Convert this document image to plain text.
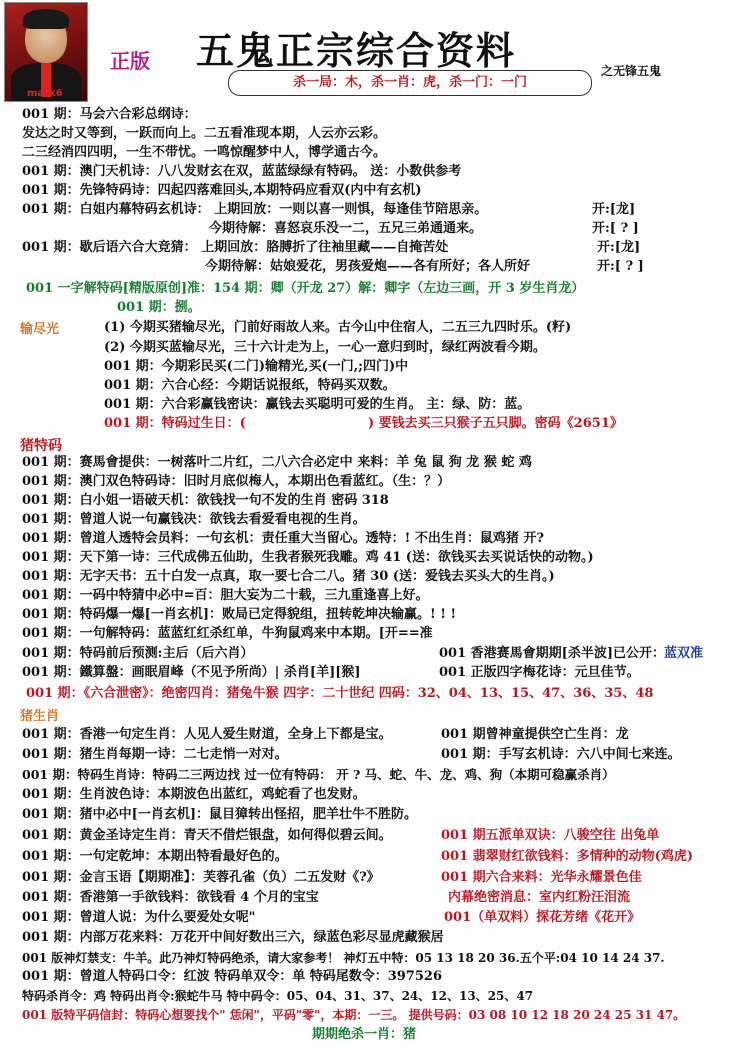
mark6
正版 五鬼正宗综合资料
杀一局：木，杀一肖：虎，杀一门：一门
之无锋五鬼
001 期：马会六合彩总纲诗：
发达之时又等到，一跃而向上。二五看准现本期，人云亦云彩。
二三经消四四明，一生不带忧。一鸣惊醒梦中人，博学通古今。
001 期：澳门天机诗：八八发财玄在双，蓝蓝绿绿有特码。 送：小数供参考
001 期：先锋特码诗：四起四落难回头,本期特码应看双(内中有玄机)
001 期：白姐内幕特码玄机诗： 上期回放：一则以喜一则惧，每逢佳节陪思亲。	开:[龙]
今期待解：喜怒哀乐没一二，五兄三弟通通来。	开:[ ? ]
001 期：歇后语六合大竞猜： 上期回放：胳膊折了往袖里藏——自掩苦处	开:[龙]
今期待解：姑娘爱花，男孩爱炮——各有所好；各人所好	开:[ ? ]
001 一字解特码[精版原创]准：154 期：卿（开龙 27）解：卿字（左边三画，开 3 岁生肖龙）
001 期：捌。
输尽光	(1) 今期买猪输尽光，门前好雨故人来。古今山中住宿人，二五三九四时乐。(籽)
(2) 今期买蓝输尽光，三十六计走为上，一心一意归到时，绿红两波看今期。
001 期：今期彩民买(二门)输精光,买(一门,;四门)中
001 期：六合心经：今期话说报纸，特码买双数。
001 期：六合彩赢钱密诀：赢钱去买聪明可爱的生肖。 主：绿、防：蓝。
001 期：特码过生日：(	) 要钱去买三只猴子五只脚。密码《2651》
猪特码
001 期：赛馬會提供：一树落叶二片红，二八六合必定中 来料：羊 兔 鼠 狗 龙 猴 蛇 鸡
001 期：澳门双色特码诗：旧时月底似梅人，本期出色看蓝红。（生：？）
001 期：白小姐一语破天机：欲钱找一句不发的生肖 密码 318
001 期：曾道人说一句赢钱决：欲钱去看爱看电视的生肖。
001 期：曾道人透特会员料：一句玄机：责任重大当留心。透特：! 不出生肖：鼠鸡猪 开?
001 期：天下第一诗：三代成佛五仙助，生我者猴死我雕。鸡 41 (送：欲钱买去买说话快的动物。)
001 期：无字天书：五十白发一点真，取一要七合二八。猪 30 (送：爱钱去买头大的生肖。)
001 期：一码中特猜中必中=百：胆大妄为二十载，三九重逢喜上好。
001 期：特码爆一爆[一肖玄机]：败局已定得貌组，扭转乾坤决输赢。! ! !
001 期：一句解特码：蓝蓝红红杀红单，牛狗鼠鸡来中本期。[开==准
001 期：特码前后预测:主后（后六肖）	001 香港赛馬會期期[杀半波]已公开： 蓝双准
001 期：鐵算盤：画眠眉峰（不见予所尚）| 杀肖[羊][猴]	001 正版四字梅花诗：元旦佳节。
001 期：《六合泄密》：绝密四肖：猪兔牛猴 四字：二十世纪 四码：32、04、13、15、47、36、35、48
猪生肖
001 期：香港一句定生肖：人见人爱生财道，全身上下都是宝。	001 期曾神童提供空亡生肖：龙
001 期：猪生肖每期一诗：二七走悄一对对。	001 期：手写玄机诗：六八中间七来连。
001 期：特码生肖诗：特码二三两边找 过一位有特码： 开 ? 马、蛇、牛、龙、鸡、狗（本期可稳赢杀肖）
001 期：生肖波色诗：本期波色出蓝红，鸡蛇看了也发财。
001 期：猪中必中[一肖玄机]：鼠目獐转出怪招，肥羊壮牛不胜防。
001 期：黄金圣诗定生肖：青天不借烂银盘，如何得似碧云间。	001 期五派单双诀：八骏空往 出兔单
001 期：一句定乾坤：本期出特看最好色的。	001 翡翠财红欲钱料：多情种的动物(鸡虎)
001 期：金言玉语【期期准】：芙蓉孔雀（负）二五发财《?》	001 期六合来料：光华永耀景色佳
001 期：香港第一手欲钱料：欲钱看 4 个月的宝宝	内幕绝密消息：室内红粉汪泪流
001 期：曾道人说：为什么要爱处女呢"	001（单双料）探花芳绪《花开》
001 期：内部万花来料：万花开中间好数出三六，绿蓝色彩尽显虎藏猴居
001 版神灯禁支：牛羊。此乃神灯特码绝杀，请大家参考！ 神灯五中特：05 13 18 20 36.五个平:04 10 14 24 37.
001 期：曾道人特码口令：红波 特码单双令：单 特码尾数令：397526
特码杀肖令：鸡 特码出肖令:猴蛇牛马 特中码令：05、04、31、37、24、12、13、25、47
001 版特平码信封：特码心想要找个" 恁闲"，平码"零"，本期：一三。 提供号码：03 08 10 12 18 20 24 25 31 47。
期期绝杀一肖：猪
